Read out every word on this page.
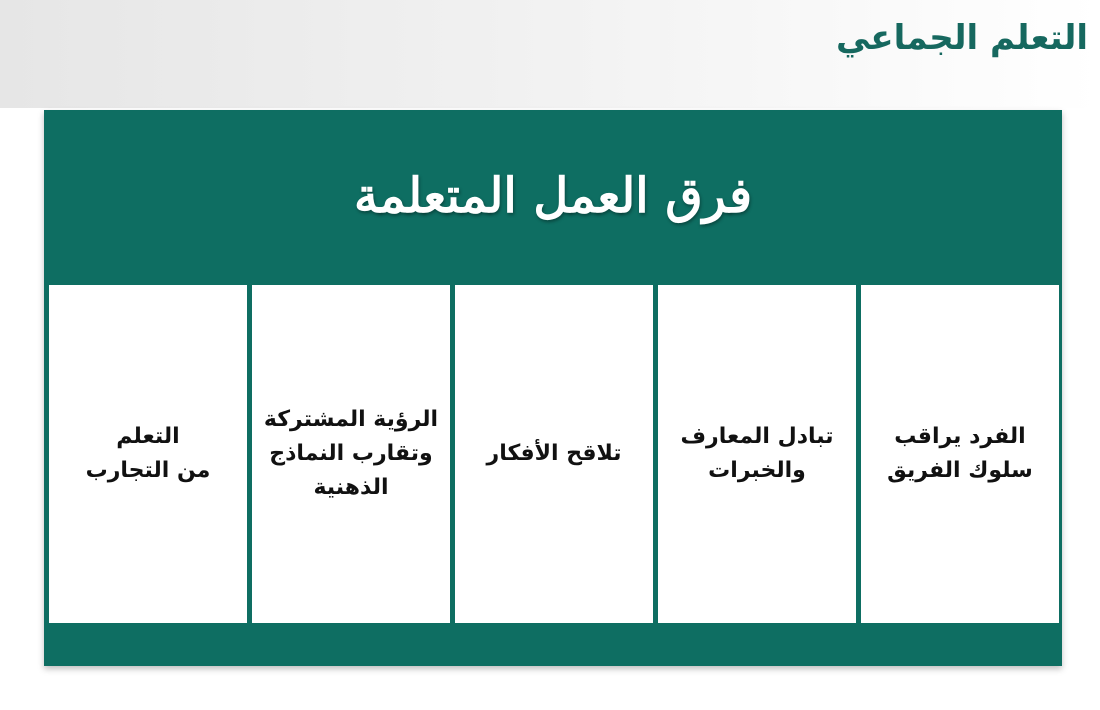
التعلم الجماعي
فرق العمل المتعلمة
الفرد يراقب
سلوك الفريق
تبادل المعارف
والخبرات
تلاقح الأفكار
الرؤية المشتركة
وتقارب النماذج
الذهنية
التعلم
من التجارب
